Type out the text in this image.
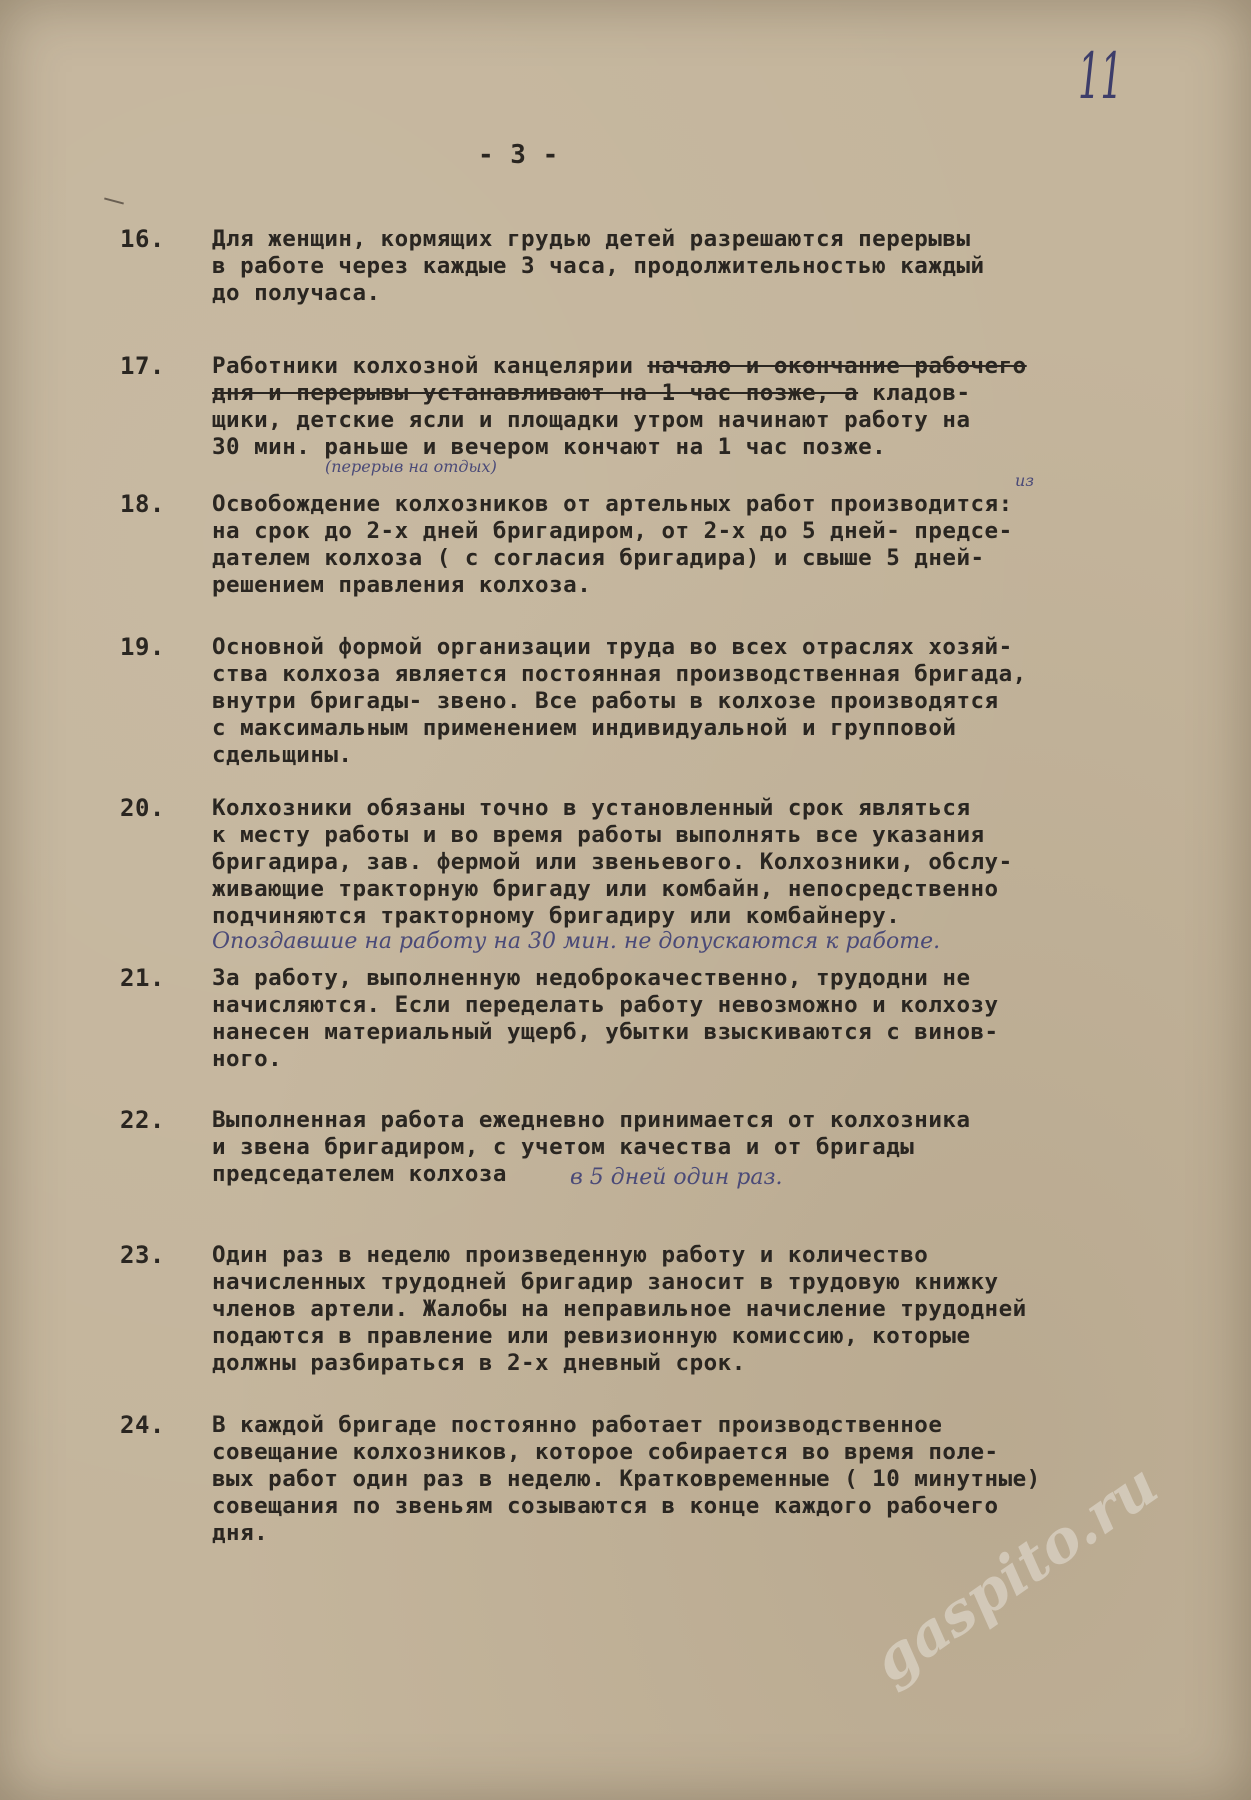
11
- 3 -
16.	Для женщин, кормящих грудью детей разрешаются перерывы
в работе через каждые 3 часа, продолжительностью каждый
до получаса.
17.	Работники колхозной канцелярии начало и окончание рабочего
дня и перерывы устанавливают на 1 час позже, а кладов-
щики, детские ясли и площадки утром начинают работу на
30 мин. раньше и вечером кончают на 1 час позже.
(перерыв на отдых)
18.	Освобождение колхозников от артельных работ производится:
на срок до 2-х дней бригадиром, от 2-х до 5 дней- предсе-
дателем колхоза ( с согласия бригадира) и свыше 5 дней-
решением правления колхоза.
из
19.	Основной формой организации труда во всех отраслях хозяй-
ства колхоза является постоянная производственная бригада,
внутри бригады- звено. Все работы в колхозе производятся
с максимальным применением индивидуальной и групповой
сдельщины.
20.	Колхозники обязаны точно в установленный срок являться
к месту работы и во время работы выполнять все указания
бригадира, зав. фермой или звеньевого. Колхозники, обслу-
живающие тракторную бригаду или комбайн, непосредственно
подчиняются тракторному бригадиру или комбайнеру.
Опоздавшие на работу на 30 мин. не допускаются к работе.
21.	За работу, выполненную недоброкачественно, трудодни не
начисляются. Если переделать работу невозможно и колхозу
нанесен материальный ущерб, убытки взыскиваются с винов-
ного.
22.	Выполненная работа ежедневно принимается от колхозника
и звена бригадиром, с учетом качества и от бригады
председателем колхоза	в 5 дней один раз.
23.	Один раз в неделю произведенную работу и количество
начисленных трудодней бригадир заносит в трудовую книжку
членов артели. Жалобы на неправильное начисление трудодней
подаются в правление или ревизионную комиссию, которые
должны разбираться в 2-х дневный срок.
24.	В каждой бригаде постоянно работает производственное
совещание колхозников, которое собирается во время поле-
вых работ один раз в неделю. Кратковременные ( 10 минутные)
совещания по звеньям созываются в конце каждого рабочего
дня.	gaspito.ru
